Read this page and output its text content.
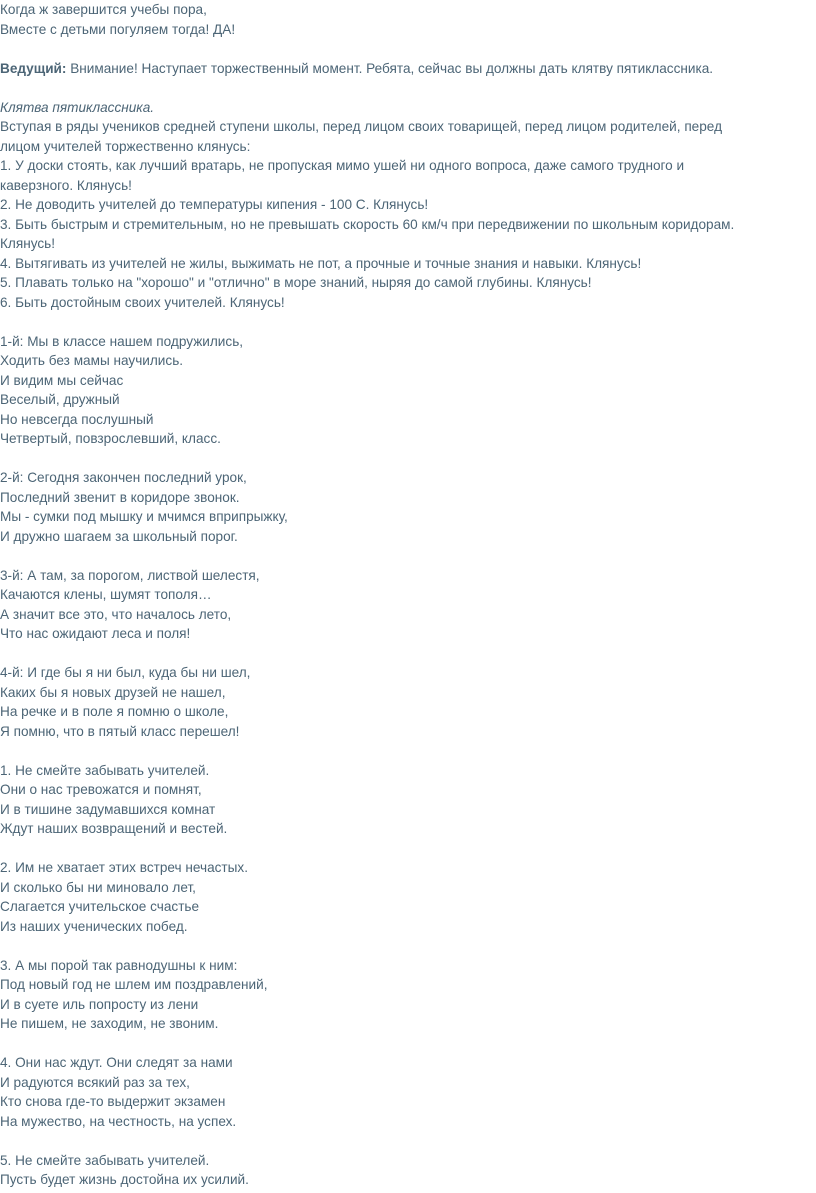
Когда ж завершится учебы пора,
Вместе с детьми погуляем тогда! ДА!
Ведущий: Внимание! Наступает торжественный момент. Ребята, сейчас вы должны дать клятву пятиклассника.
Клятва пятиклассника.
Вступая в ряды учеников средней ступени школы, перед лицом своих товарищей, перед лицом родителей, перед
лицом учителей торжественно клянусь:
1. У доски стоять, как лучший вратарь, не пропуская мимо ушей ни одного вопроса, даже самого трудного и
каверзного. Клянусь!
2. Не доводить учителей до температуры кипения - 100 С. Клянусь!
3. Быть быстрым и стремительным, но не превышать скорость 60 км/ч при передвижении по школьным коридорам.
Клянусь!
4. Вытягивать из учителей не жилы, выжимать не пот, а прочные и точные знания и навыки. Клянусь!
5. Плавать только на "хорошо" и "отлично" в море знаний, ныряя до самой глубины. Клянусь!
6. Быть достойным своих учителей. Клянусь!
1-й: Мы в классе нашем подружились,
Ходить без мамы научились.
И видим мы сейчас
Веселый, дружный
Но невсегда послушный
Четвертый, повзрослевший, класс.
2-й: Сегодня закончен последний урок,
Последний звенит в коридоре звонок.
Мы - сумки под мышку и мчимся вприпрыжку,
И дружно шагаем за школьный порог.
3-й: А там, за порогом, листвой шелестя,
Качаются клены, шумят тополя…
А значит все это, что началось лето,
Что нас ожидают леса и поля!
4-й: И где бы я ни был, куда бы ни шел,
Каких бы я новых друзей не нашел,
На речке и в поле я помню о школе,
Я помню, что в пятый класс перешел!
1. Не смейте забывать учителей.
Они о нас тревожатся и помнят,
И в тишине задумавшихся комнат
Ждут наших возвращений и вестей.
2. Им не хватает этих встреч нечастых.
И сколько бы ни миновало лет,
Слагается учительское счастье
Из наших ученических побед.
3. А мы порой так равнодушны к ним:
Под новый год не шлем им поздравлений,
И в суете иль попросту из лени
Не пишем, не заходим, не звоним.
4. Они нас ждут. Они следят за нами
И радуются всякий раз за тех,
Кто снова где-то выдержит экзамен
На мужество, на честность, на успех.
5. Не смейте забывать учителей.
Пусть будет жизнь достойна их усилий.
